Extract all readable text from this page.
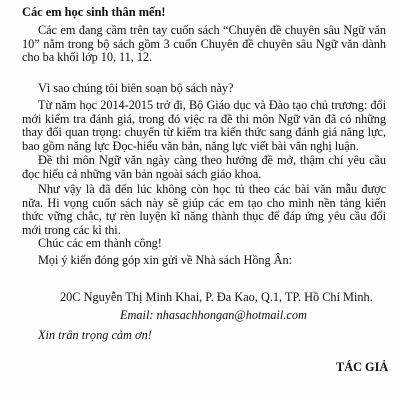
Các em học sinh thân mến!
Các em đang cầm trên tay cuốn sách “Chuyên đề chuyên sâu Ngữ văn 10” nằm trong bộ sách gồm 3 cuốn Chuyên đề chuyên sâu Ngữ văn dành cho ba khối lớp 10, 11, 12.
Vì sao chúng tôi biên soạn bộ sách này?
Từ năm học 2014-2015 trở đi, Bộ Giáo dục và Đào tạo chủ trương: đổi mới kiểm tra đánh giá, trong đó việc ra đề thi môn Ngữ văn đã có những thay đổi quan trọng: chuyển từ kiểm tra kiến thức sang đánh giá năng lực, bao gồm năng lực Đọc-hiểu văn bản, năng lực viết bài văn nghị luận.
Đề thi môn Ngữ văn ngày càng theo hướng đề mở, thậm chí yêu cầu đọc hiểu cả những văn bản ngoài sách giáo khoa.
Như vậy là đã đến lúc không còn học tủ theo các bài văn mẫu được nữa. Hi vọng cuốn sách này sẽ giúp các em tạo cho mình nền tảng kiến thức vững chắc, tự rèn luyện kĩ năng thành thục để đáp ứng yêu cầu đổi mới trong các kì thi.
Chúc các em thành công!
Mọi ý kiến đóng góp xin gửi về Nhà sách Hồng Ân:
20C Nguyễn Thị Minh Khai, P. Đa Kao, Q.1, TP. Hồ Chí Minh.
Email: nhasachhongan@hotmail.com
Xin trân trọng cảm ơn!
TÁC GIẢ
